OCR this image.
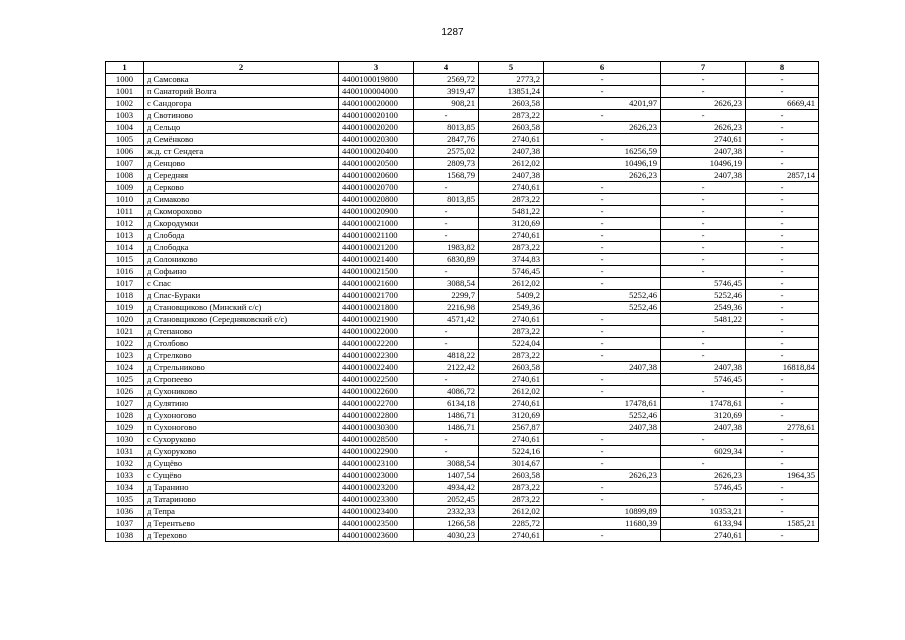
1287
1	2	3	4	5	6	7	8
1000	д Самсовка	4400100019800	2569,72	2773,2	-	-	-
1001	п Санаторий Волга	4400100004000	3919,47	13851,24	-	-	-
1002	с Сандогора	4400100020000	908,21	2603,58	4201,97	2626,23	6669,41
1003	д Свотиново	4400100020100	-	2873,22	-	-	-
1004	д Сельцо	4400100020200	8013,85	2603,58	2626,23	2626,23	-
1005	д Семёнково	4400100020300	2847,76	2740,61	-	2740,61	-
1006	ж.д. ст Сендега	4400100020400	2575,02	2407,38	16256,59	2407,38	-
1007	д Сенцово	4400100020500	2809,73	2612,02	10496,19	10496,19	-
1008	д Середняя	4400100020600	1568,79	2407,38	2626,23	2407,38	2857,14
1009	д Серково	4400100020700	-	2740,61	-	-	-
1010	д Симаково	4400100020800	8013,85	2873,22	-	-	-
1011	д Скоморохово	4400100020900	-	5481,22	-	-	-
1012	д Скородумки	4400100021000	-	3120,69	-	-	-
1013	д Слобода	4400100021100	-	2740,61	-	-	-
1014	д Слободка	4400100021200	1983,82	2873,22	-	-	-
1015	д Солониково	4400100021400	6830,89	3744,83	-	-	-
1016	д Софьино	4400100021500	-	5746,45	-	-	-
1017	с Спас	4400100021600	3088,54	2612,02	-	5746,45	-
1018	д Спас-Бураки	4400100021700	2299,7	5409,2	5252,46	5252,46	-
1019	д Становщиково (Минский с/с)	4400100021800	2216,98	2549,36	5252,46	2549,36	-
1020	д Становщиково (Середняковский с/с)	4400100021900	4571,42	2740,61	-	5481,22	-
1021	д Степаново	4400100022000	-	2873,22	-	-	-
1022	д Столбово	4400100022200	-	5224,04	-	-	-
1023	д Стрелково	4400100022300	4818,22	2873,22	-	-	-
1024	д Стрельниково	4400100022400	2122,42	2603,58	2407,38	2407,38	16818,84
1025	д Стропеево	4400100022500	-	2740,61	-	5746,45	-
1026	д Сухониково	4400100022600	4086,72	2612,02	-	-	-
1027	д Сулятино	4400100022700	6134,18	2740,61	17478,61	17478,61	-
1028	д Сухоногово	4400100022800	1486,71	3120,69	5252,46	3120,69	-
1029	п Сухоногово	4400100030300	1486,71	2567,87	2407,38	2407,38	2778,61
1030	с Сухоруково	4400100028500	-	2740,61	-	-	-
1031	д Сухоруково	4400100022900	-	5224,16	-	6029,34	-
1032	д Сущёво	4400100023100	3088,54	3014,67	-	-	-
1033	с Сущёво	4400100023000	1407,54	2603,58	2626,23	2626,23	1964,35
1034	д Таранино	4400100023200	4934,42	2873,22	-	5746,45	-
1035	д Татариново	4400100023300	2052,45	2873,22	-	-	-
1036	д Тепра	4400100023400	2332,33	2612,02	10899,89	10353,21	-
1037	д Терентьево	4400100023500	1266,58	2285,72	11680,39	6133,94	1585,21
1038	д Терехово	4400100023600	4030,23	2740,61	-	2740,61	-
